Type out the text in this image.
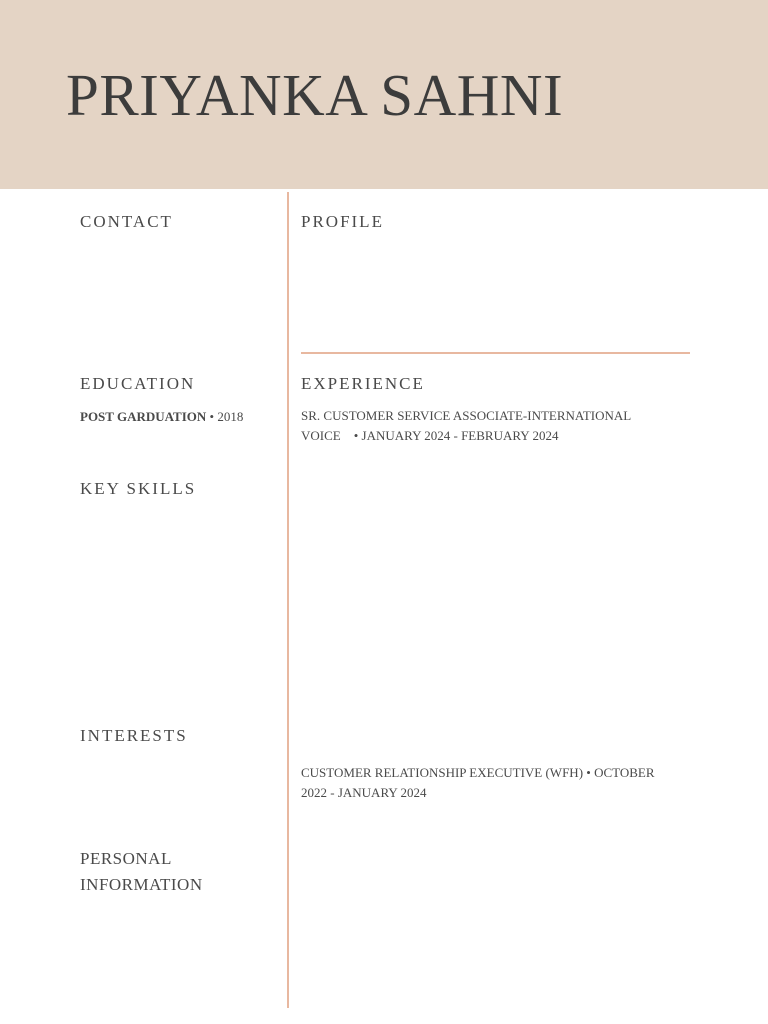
PRIYANKA SAHNI
CONTACT
EDUCATION
POST GARDUATION • 2018
KEY SKILLS
INTERESTS
PERSONAL
INFORMATION
PROFILE
EXPERIENCE
SR. CUSTOMER SERVICE ASSOCIATE-INTERNATIONAL
VOICE    • JANUARY 2024 - FEBRUARY 2024
CUSTOMER RELATIONSHIP EXECUTIVE (WFH) • OCTOBER
2022 - JANUARY 2024
